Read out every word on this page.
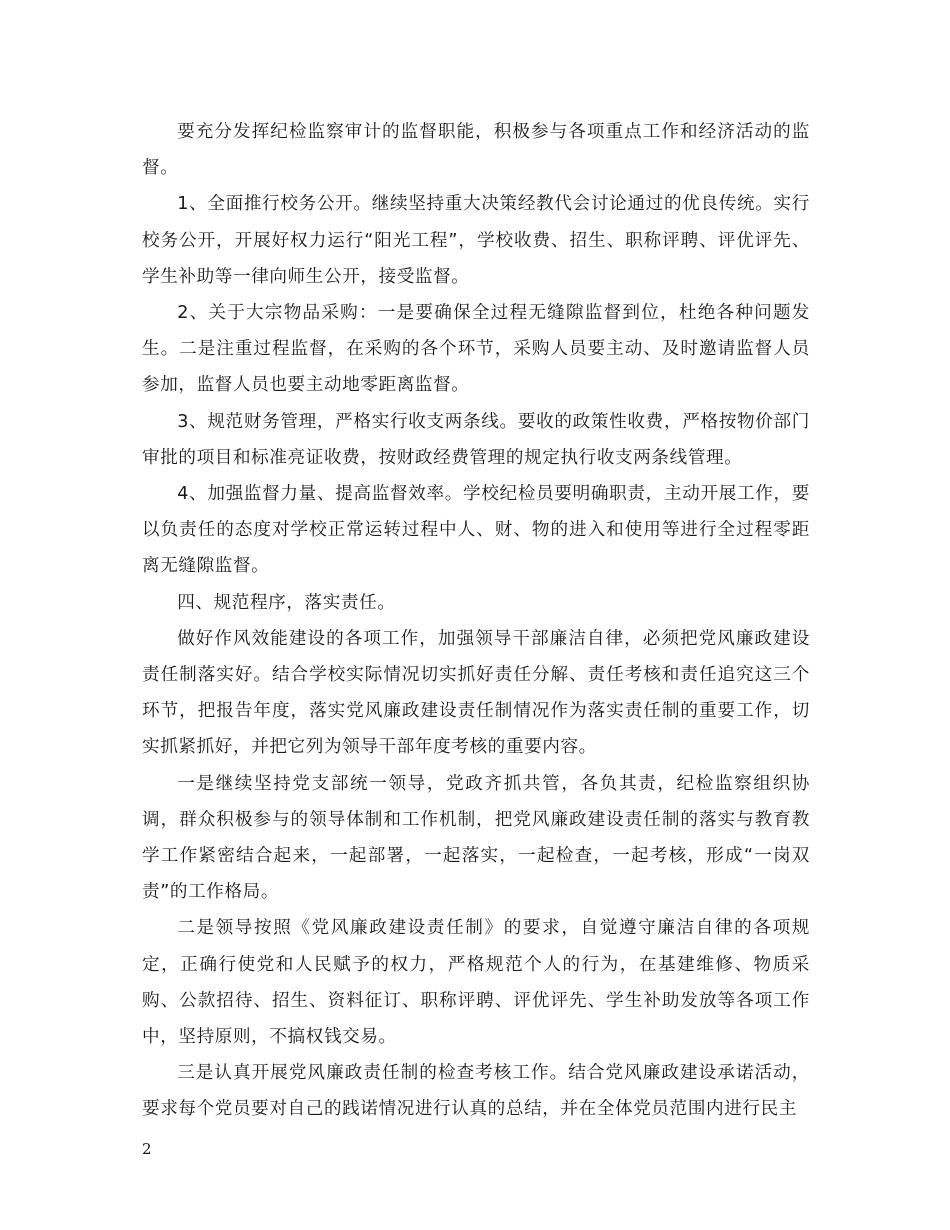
要充分发挥纪检监察审计的监督职能，积极参与各项重点工作和经济活动的监督。

1、全面推行校务公开。继续坚持重大决策经教代会讨论通过的优良传统。实行校务公开，开展好权力运行“阳光工程”，学校收费、招生、职称评聘、评优评先、学生补助等一律向师生公开，接受监督。

2、关于大宗物品采购：一是要确保全过程无缝隙监督到位，杜绝各种问题发生。二是注重过程监督，在采购的各个环节，采购人员要主动、及时邀请监督人员参加，监督人员也要主动地零距离监督。

3、规范财务管理，严格实行收支两条线。要收的政策性收费，严格按物价部门审批的项目和标准亮证收费，按财政经费管理的规定执行收支两条线管理。

4、加强监督力量、提高监督效率。学校纪检员要明确职责，主动开展工作，要以负责任的态度对学校正常运转过程中人、财、物的进入和使用等进行全过程零距离无缝隙监督。

四、规范程序，落实责任。

做好作风效能建设的各项工作，加强领导干部廉洁自律，必须把党风廉政建设责任制落实好。结合学校实际情况切实抓好责任分解、责任考核和责任追究这三个环节，把报告年度，落实党风廉政建设责任制情况作为落实责任制的重要工作，切实抓紧抓好，并把它列为领导干部年度考核的重要内容。

一是继续坚持党支部统一领导，党政齐抓共管，各负其责，纪检监察组织协调，群众积极参与的领导体制和工作机制，把党风廉政建设责任制的落实与教育教学工作紧密结合起来，一起部署，一起落实，一起检查，一起考核，形成“一岗双责”的工作格局。

二是领导按照《党风廉政建设责任制》的要求，自觉遵守廉洁自律的各项规定，正确行使党和人民赋予的权力，严格规范个人的行为，在基建维修、物质采购、公款招待、招生、资料征订、职称评聘、评优评先、学生补助发放等各项工作中，坚持原则，不搞权钱交易。

三是认真开展党风廉政责任制的检查考核工作。结合党风廉政建设承诺活动，要求每个党员要对自己的践诺情况进行认真的总结，并在全体党员范围内进行民主

2
